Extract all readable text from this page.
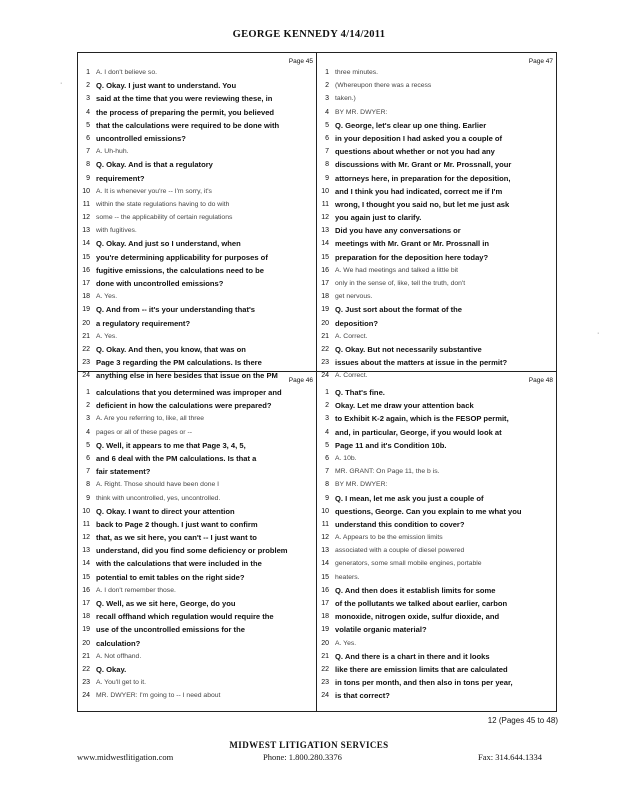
GEORGE KENNEDY 4/14/2011
·
·
Page 45	Page 47
Page 46	Page 48
1 A. I don't believe so.
2 Q. Okay. I just want to understand. You
3 said at the time that you were reviewing these, in
4 the process of preparing the permit, you believed
5 that the calculations were required to be done with
6 uncontrolled emissions?
7 A. Uh-huh.
8 Q. Okay. And is that a regulatory
9 requirement?
10 A. It is whenever you're -- I'm sorry, it's
11 within the state regulations having to do with
12 some -- the applicability of certain regulations
13 with fugitives.
14 Q. Okay. And just so I understand, when
15 you're determining applicability for purposes of
16 fugitive emissions, the calculations need to be
17 done with uncontrolled emissions?
18 A. Yes.
19 Q. And from -- it's your understanding that's
20 a regulatory requirement?
21 A. Yes.
22 Q. Okay. And then, you know, that was on
23 Page 3 regarding the PM calculations. Is there
24 anything else in here besides that issue on the PM
1 three minutes.
2 (Whereupon there was a recess
3 taken.)
4 BY MR. DWYER:
5 Q. George, let's clear up one thing. Earlier
6 in your deposition I had asked you a couple of
7 questions about whether or not you had any
8 discussions with Mr. Grant or Mr. Prossnall, your
9 attorneys here, in preparation for the deposition,
10 and I think you had indicated, correct me if I'm
11 wrong, I thought you said no, but let me just ask
12 you again just to clarify.
13 Did you have any conversations or
14 meetings with Mr. Grant or Mr. Prossnall in
15 preparation for the deposition here today?
16 A. We had meetings and talked a little bit
17 only in the sense of, like, tell the truth, don't
18 get nervous.
19 Q. Just sort about the format of the
20 deposition?
21 A. Correct.
22 Q. Okay. But not necessarily substantive
23 issues about the matters at issue in the permit?
24 A. Correct.
1 calculations that you determined was improper and
2 deficient in how the calculations were prepared?
3 A. Are you referring to, like, all three
4 pages or all of these pages or --
5 Q. Well, it appears to me that Page 3, 4, 5,
6 and 6 deal with the PM calculations. Is that a
7 fair statement?
8 A. Right. Those should have been done I
9 think with uncontrolled, yes, uncontrolled.
10 Q. Okay. I want to direct your attention
11 back to Page 2 though. I just want to confirm
12 that, as we sit here, you can't -- I just want to
13 understand, did you find some deficiency or problem
14 with the calculations that were included in the
15 potential to emit tables on the right side?
16 A. I don't remember those.
17 Q. Well, as we sit here, George, do you
18 recall offhand which regulation would require the
19 use of the uncontrolled emissions for the
20 calculation?
21 A. Not offhand.
22 Q. Okay.
23 A. You'll get to it.
24 MR. DWYER: I'm going to -- I need about
1 Q. That's fine.
2 Okay. Let me draw your attention back
3 to Exhibit K-2 again, which is the FESOP permit,
4 and, in particular, George, if you would look at
5 Page 11 and it's Condition 10b.
6 A. 10b.
7 MR. GRANT: On Page 11, the b is.
8 BY MR. DWYER:
9 Q. I mean, let me ask you just a couple of
10 questions, George. Can you explain to me what you
11 understand this condition to cover?
12 A. Appears to be the emission limits
13 associated with a couple of diesel powered
14 generators, some small mobile engines, portable
15 heaters.
16 Q. And then does it establish limits for some
17 of the pollutants we talked about earlier, carbon
18 monoxide, nitrogen oxide, sulfur dioxide, and
19 volatile organic material?
20 A. Yes.
21 Q. And there is a chart in there and it looks
22 like there are emission limits that are calculated
23 in tons per month, and then also in tons per year,
24 is that correct?
12 (Pages 45 to 48)
MIDWEST LITIGATION SERVICES
www.midwestlitigation.com	Phone: 1.800.280.3376	Fax: 314.644.1334
